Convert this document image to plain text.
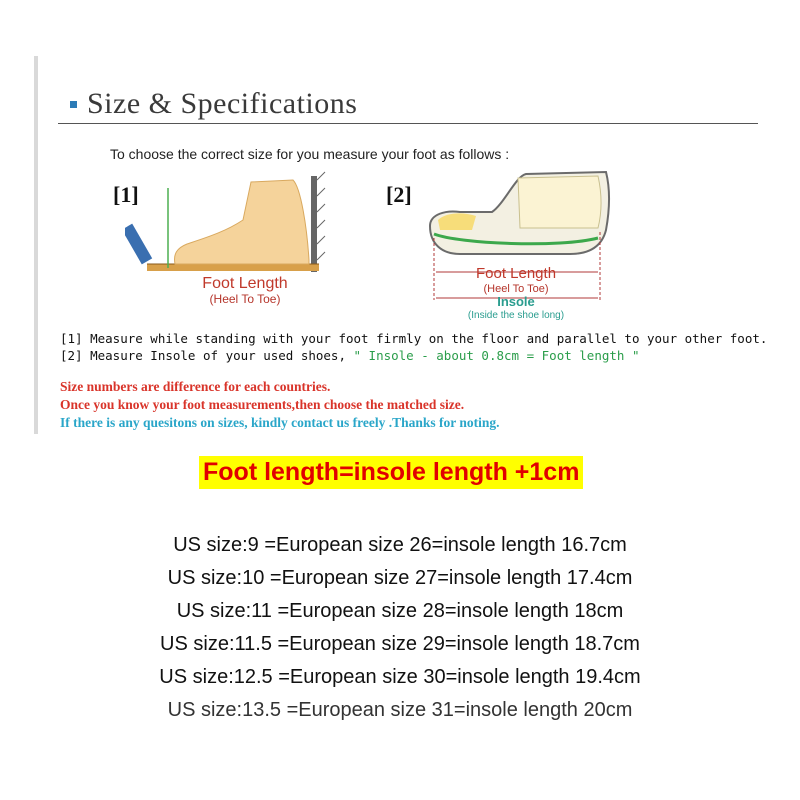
Size & Specifications
To choose the correct size for you measure your foot as follows :
[1]
Foot Length
(Heel To Toe)
[2]
Foot Length
(Heel To Toe)
Insole
(Inside the shoe long)
[1] Measure while standing with your foot firmly on the floor and parallel to your other foot.
[2] Measure Insole of your used shoes, " Insole - about 0.8cm = Foot length "
Size numbers are difference for each countries.
Once you know your foot measurements,then choose the matched size.
If there is any quesitons on sizes, kindly contact us freely .Thanks for noting.
Foot length=insole length +1cm
US size:9 =European size 26=insole length 16.7cm
US size:10 =European size 27=insole length 17.4cm
US size:11 =European size 28=insole length 18cm
US size:11.5 =European size 29=insole length 18.7cm
US size:12.5 =European size 30=insole length 19.4cm
US size:13.5 =European size 31=insole length 20cm
